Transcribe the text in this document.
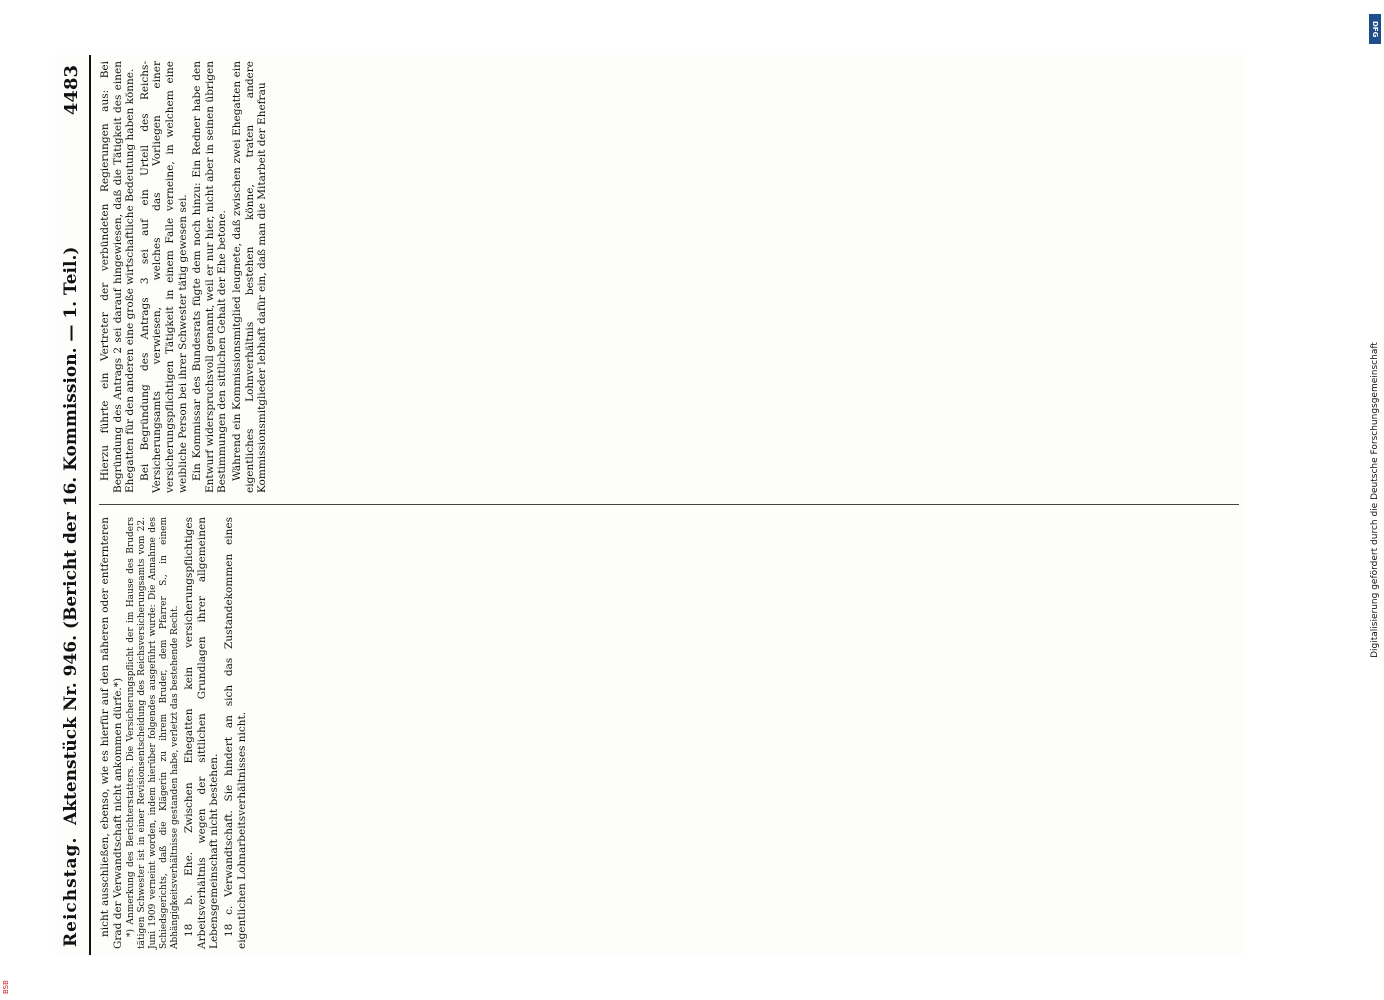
Reichstag.
Aktenstück Nr. 946. (Bericht der 16. Kommission. — 1. Teil.)
4483

nicht ausschließen, ebenso, wie es hierfür auf den näheren oder entfernteren Grad der Verwandtschaft nicht ankommen dürfe.*) *) Anmerkung des Berichterstatters. Die Versicherungspflicht der im Hause des Bruders tätigen Schwester ist in einer Revisionsentscheidung des Reichsversicherungsamts vom 22. Juni 1909 verneint worden, indem hierüber folgendes ausgeführt wurde: Die Annahme des Schiedsgerichts, daß die Klägerin zu ihrem Bruder, dem Pfarrer S., in einem Abhängigkeitsverhältnisse gestanden habe, verletzt das bestehende Recht. 18 b. Ehe. Zwischen Ehegatten kein versicherungspflichtiges Arbeitsverhältnis wegen der sittlichen Grundlagen ihrer allgemeinen Lebensgemeinschaft nicht bestehen. 18 c. Verwandtschaft. Sie hindert an sich das Zustandekommen eines eigentlichen Lohnarbeitsverhältnisses nicht.

Hierzu führte ein Vertreter der verbündeten Regierungen aus: Bei Begründung des Antrags 2 sei darauf hingewiesen, daß die Tätigkeit des einen Ehegatten für den anderen eine große wirtschaftliche Bedeutung haben könne. Bei Begründung des Antrags 3 sei auf ein Urteil des Reichs-Versicherungsamts verwiesen, welches das Vorliegen einer versicherungspflichtigen Tätigkeit in einem Falle verneine, in welchem eine weibliche Person bei ihrer Schwester tätig gewesen sei. Ein Kommissar des Bundesrats fügte dem noch hinzu: Ein Redner habe den Entwurf widerspruchsvoll genannt, weil er nur hier, nicht aber in seinen übrigen Bestimmungen den sittlichen Gehalt der Ehe betone. Während ein Kommissionsmitglied leugnete, daß zwischen zwei Ehegatten ein eigentliches Lohnverhältnis bestehen könne, traten andere Kommissionsmitglieder lebhaft dafür ein, daß man die Mitarbeit der Ehefrau

DFG
Digitalisierung gefördert durch die Deutsche Forschungsgemeinschaft
BSB
